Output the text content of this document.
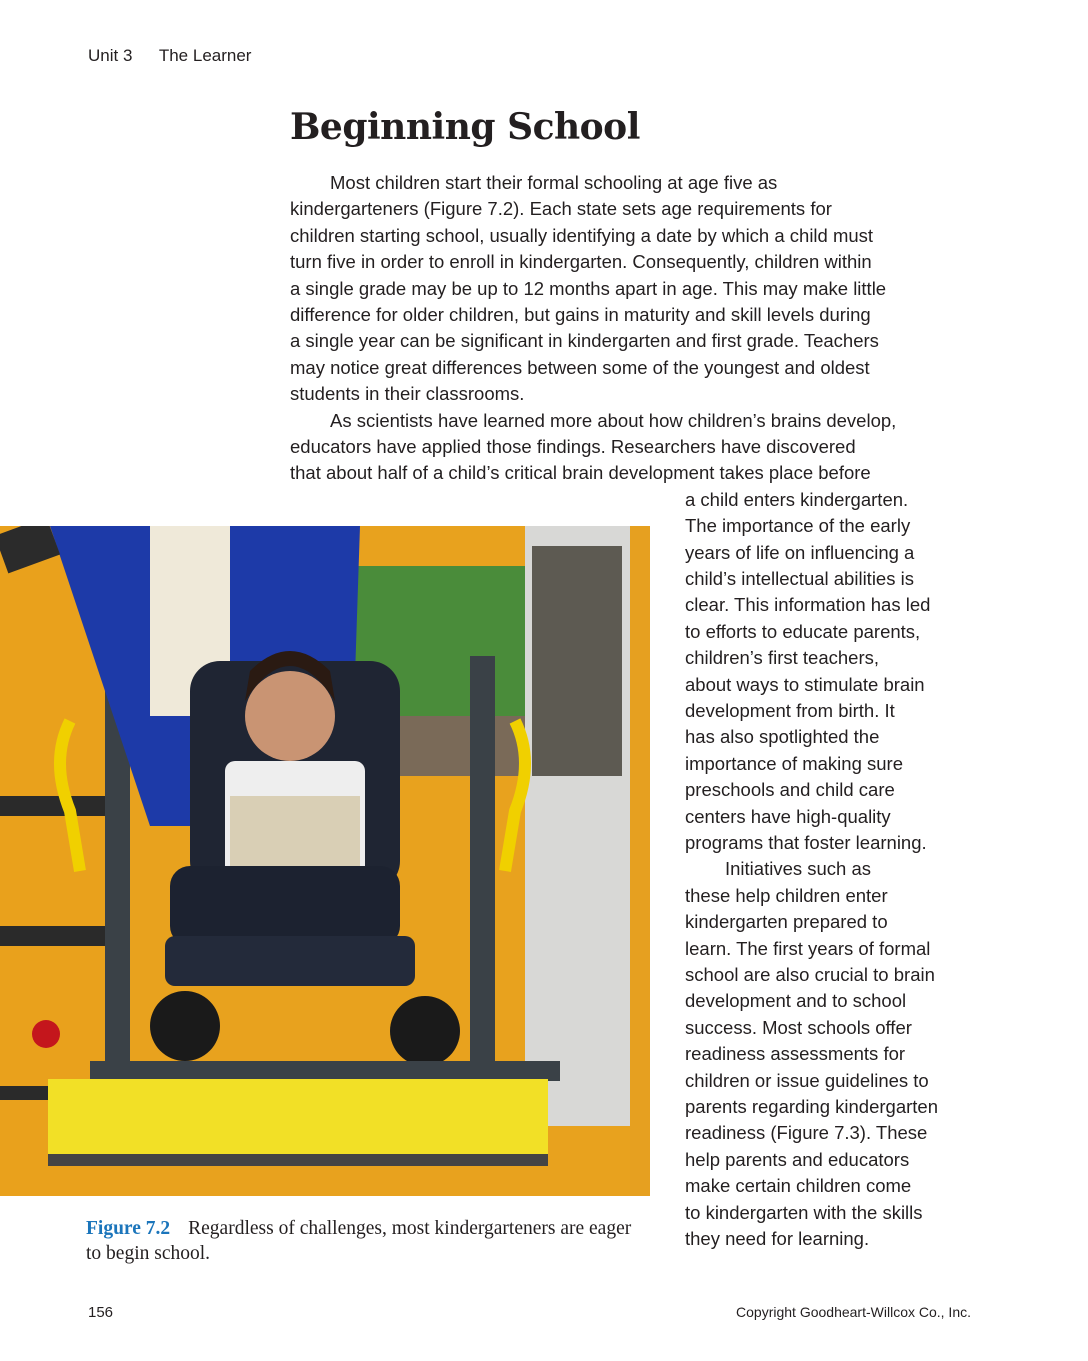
Unit 3 The Learner
Beginning School
Most children start their formal schooling at age five as
kindergarteners (Figure 7.2). Each state sets age requirements for
children starting school, usually identifying a date by which a child must
turn five in order to enroll in kindergarten. Consequently, children within
a single grade may be up to 12 months apart in age. This may make little
difference for older children, but gains in maturity and skill levels during
a single year can be significant in kindergarten and first grade. Teachers
may notice great differences between some of the youngest and oldest
students in their classrooms.
As scientists have learned more about how children’s brains develop,
educators have applied those findings. Researchers have discovered
that about half of a child’s critical brain development takes place before
a child enters kindergarten.
The importance of the early
years of life on influencing a
child’s intellectual abilities is
clear. This information has led
to efforts to educate parents,
children’s first teachers,
about ways to stimulate brain
development from birth. It
has also spotlighted the
importance of making sure
preschools and child care
centers have high-quality
programs that foster learning.
Initiatives such as
these help children enter
kindergarten prepared to
learn. The first years of formal
school are also crucial to brain
development and to school
success. Most schools offer
readiness assessments for
children or issue guidelines to
parents regarding kindergarten
readiness (Figure 7.3). These
help parents and educators
make certain children come
to kindergarten with the skills
they need for learning.
Figure 7.2 Regardless of challenges, most kindergarteners are eager to begin school.
156	Copyright Goodheart-Willcox Co., Inc.
